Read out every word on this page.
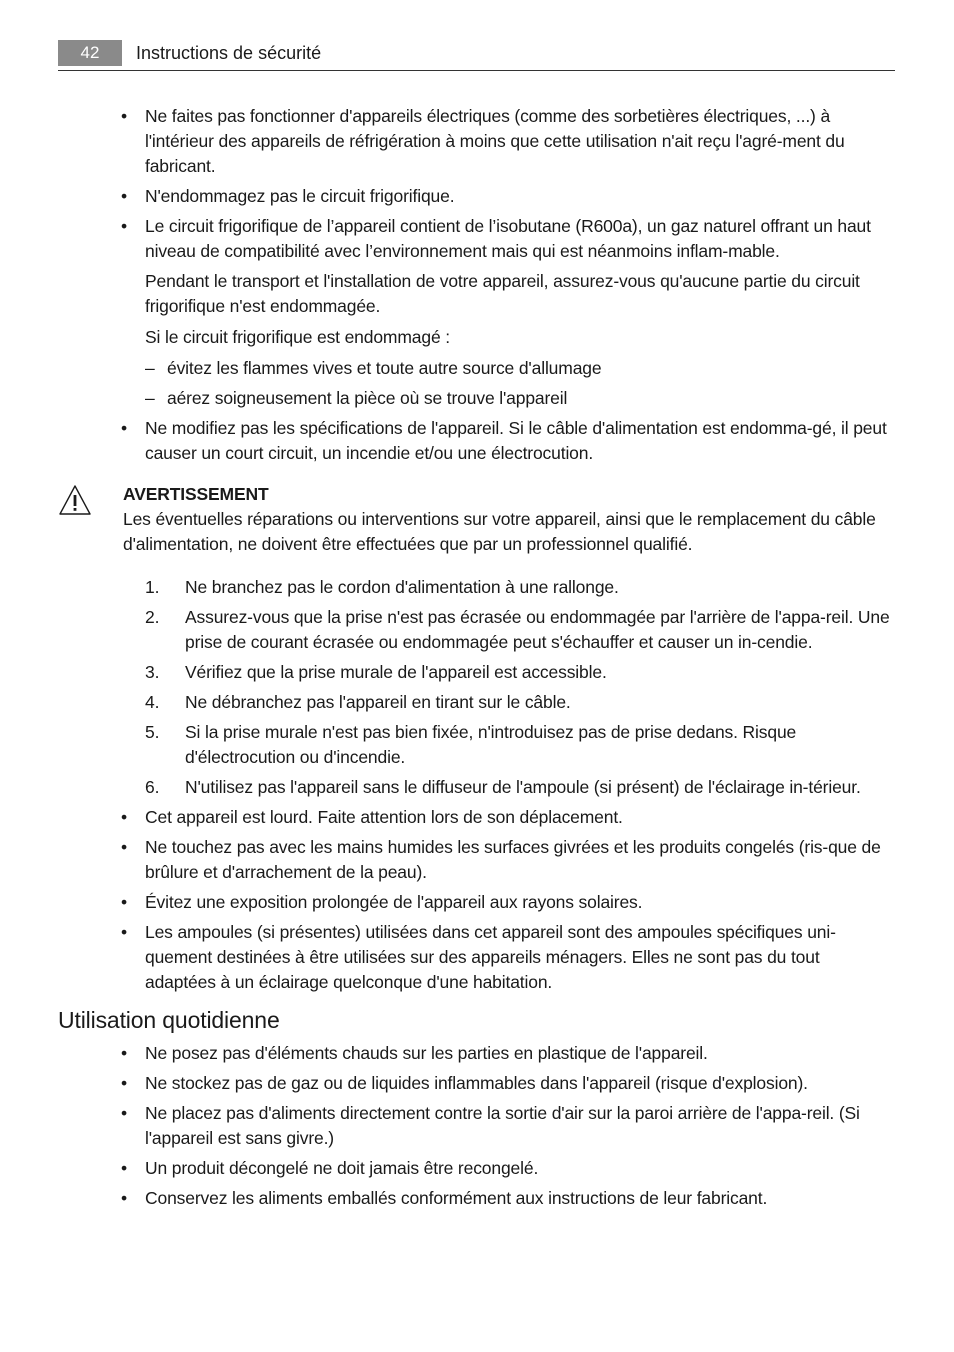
42	Instructions de sécurité
• Ne faites pas fonctionner d'appareils électriques (comme des sorbetières électriques, ...) à l'intérieur des appareils de réfrigération à moins que cette utilisation n'ait reçu l'agré-ment du fabricant.
• N'endommagez pas le circuit frigorifique.
• Le circuit frigorifique de l’appareil contient de l’isobutane (R600a), un gaz naturel offrant un haut niveau de compatibilité avec l’environnement mais qui est néanmoins inflam-mable.
Pendant le transport et l'installation de votre appareil, assurez-vous qu'aucune partie du circuit frigorifique n'est endommagée.
Si le circuit frigorifique est endommagé :
– évitez les flammes vives et toute autre source d'allumage
– aérez soigneusement la pièce où se trouve l'appareil
• Ne modifiez pas les spécifications de l'appareil. Si le câble d'alimentation est endomma-gé, il peut causer un court circuit, un incendie et/ou une électrocution.
AVERTISSEMENT
Les éventuelles réparations ou interventions sur votre appareil, ainsi que le remplacement du câble d'alimentation, ne doivent être effectuées que par un professionnel qualifié.
1. Ne branchez pas le cordon d'alimentation à une rallonge.
2. Assurez-vous que la prise n'est pas écrasée ou endommagée par l'arrière de l'appa-reil. Une prise de courant écrasée ou endommagée peut s'échauffer et causer un in-cendie.
3. Vérifiez que la prise murale de l'appareil est accessible.
4. Ne débranchez pas l'appareil en tirant sur le câble.
5. Si la prise murale n'est pas bien fixée, n'introduisez pas de prise dedans. Risque d'électrocution ou d'incendie.
6. N'utilisez pas l'appareil sans le diffuseur de l'ampoule (si présent) de l'éclairage in-térieur.
• Cet appareil est lourd. Faite attention lors de son déplacement.
• Ne touchez pas avec les mains humides les surfaces givrées et les produits congelés (ris-que de brûlure et d'arrachement de la peau).
• Évitez une exposition prolongée de l'appareil aux rayons solaires.
• Les ampoules (si présentes) utilisées dans cet appareil sont des ampoules spécifiques uni-quement destinées à être utilisées sur des appareils ménagers. Elles ne sont pas du tout adaptées à un éclairage quelconque d'une habitation.
Utilisation quotidienne
• Ne posez pas d'éléments chauds sur les parties en plastique de l'appareil.
• Ne stockez pas de gaz ou de liquides inflammables dans l'appareil (risque d'explosion).
• Ne placez pas d'aliments directement contre la sortie d'air sur la paroi arrière de l'appa-reil. (Si l'appareil est sans givre.)
• Un produit décongelé ne doit jamais être recongelé.
• Conservez les aliments emballés conformément aux instructions de leur fabricant.
